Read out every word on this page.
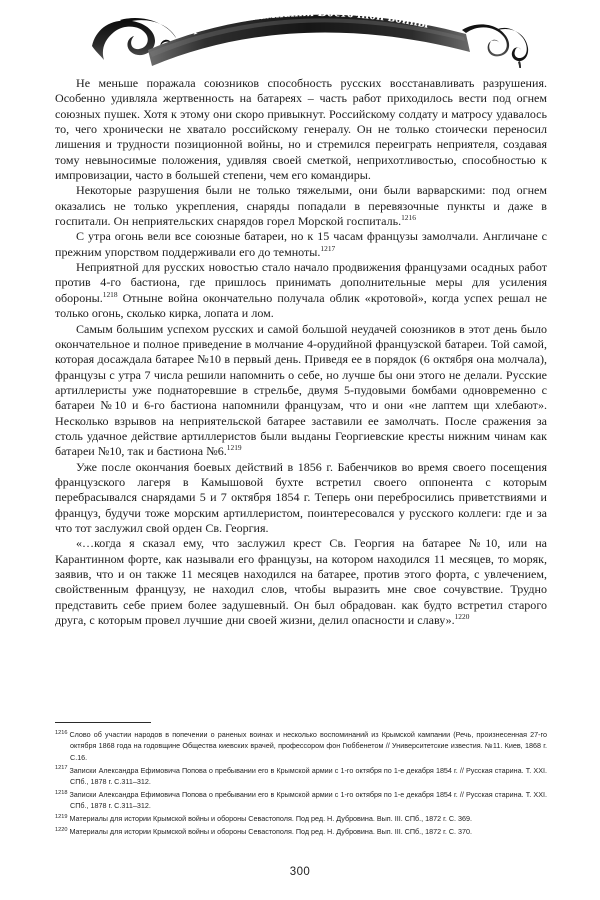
Крымская кампания Восточной войны

Не меньше поражала союзников способность русских восстанавливать разрушения. Особенно удивляла жертвенность на батареях – часть работ приходилось вести под огнем союзных пушек. Хотя к этому они скоро привыкнут. Российскому солдату и матросу удавалось то, чего хронически не хватало российскому генералу. Он не только стоически переносил лишения и трудности позиционной войны, но и стремился переиграть неприятеля, создавая тому невыносимые положения, удивляя своей сметкой, неприхотливостью, способностью к импровизации, часто в большей степени, чем его командиры.

Некоторые разрушения были не только тяжелыми, они были варварскими: под огнем оказались не только укрепления, снаряды попадали в перевязочные пункты и даже в госпитали. Он неприятельских снарядов горел Морской госпиталь.$^{1216}$

С утра огонь вели все союзные батареи, но к 15 часам французы замолчали. Англичане с прежним упорством поддерживали его до темноты.$^{1217}$

Неприятной для русских новостью стало начало продвижения французами осадных работ против 4-го бастиона, где пришлось принимать дополнительные меры для усиления обороны.$^{1218}$ Отныне война окончательно получала облик «кротовой», когда успех решал не только огонь, сколько кирка, лопата и лом.

Самым большим успехом русских и самой большой неудачей союзников в этот день было окончательное и полное приведение в молчание 4-орудийной французской батареи. Той самой, которая досаждала батарее №10 в первый день. Приведя ее в порядок (6 октября она молчала), французы с утра 7 числа решили напомнить о себе, но лучше бы они этого не делали. Русские артиллеристы уже поднаторевшие в стрельбе, двумя 5-пудовыми бомбами одновременно с батареи №10 и 6-го бастиона напомнили французам, что и они «не лаптем щи хлебают». Несколько взрывов на неприятельской батарее заставили ее замолчать. После сражения за столь удачное действие артиллеристов были выданы Георгиевские кресты нижним чинам как батареи №10, так и бастиона №6.$^{1219}$

Уже после окончания боевых действий в 1856 г. Бабенчиков во время своего посещения французского лагеря в Камышовой бухте встретил своего оппонента с которым перебрасывался снарядами 5 и 7 октября 1854 г. Теперь они перебросились приветствиями и француз, будучи тоже морским артиллеристом, поинтересовался у русского коллеги: где и за что тот заслужил свой орден Св. Георгия.

«…когда я сказал ему, что заслужил крест Св. Георгия на батарее №10, или на Карантинном форте, как называли его французы, на котором находился 11 месяцев, то моряк, заявив, что и он также 11 месяцев находился на батарее, против этого форта, с увлечением, свойственным французу, не находил слов, чтобы выразить мне свое сочувствие. Трудно представить себе прием более задушевный. Он был обрадован. как будто встретил старого друга, с которым провел лучшие дни своей жизни, делил опасности и славу».$^{1220}$

$^{1216}$ Слово об участии народов в попечении о раненых воинах и несколько воспоминаний из Крымской кампании (Речь, произнесенная 27-го октября 1868 года на годовщине Общества киевских врачей, профессором фон Гюббенетом // Университетские известия. №11. Киев, 1868 г. С.16.

$^{1217}$ Записки Александра Ефимовича Попова о пребывании его в Крымской армии с 1-го октября по 1-е декабря 1854 г. // Русская старина. Т. XXI. СПб., 1878 г. С.311–312.

$^{1218}$ Записки Александра Ефимовича Попова о пребывании его в Крымской армии с 1-го октября по 1-е декабря 1854 г. // Русская старина. Т. XXI. СПб., 1878 г. С.311–312.

$^{1219}$ Материалы для истории Крымской войны и обороны Севастополя. Под ред. Н. Дубровина. Вып. III. СПб., 1872 г. С. 369.

$^{1220}$ Материалы для истории Крымской войны и обороны Севастополя. Под ред. Н. Дубровина. Вып. III. СПб., 1872 г. С. 370.

300
